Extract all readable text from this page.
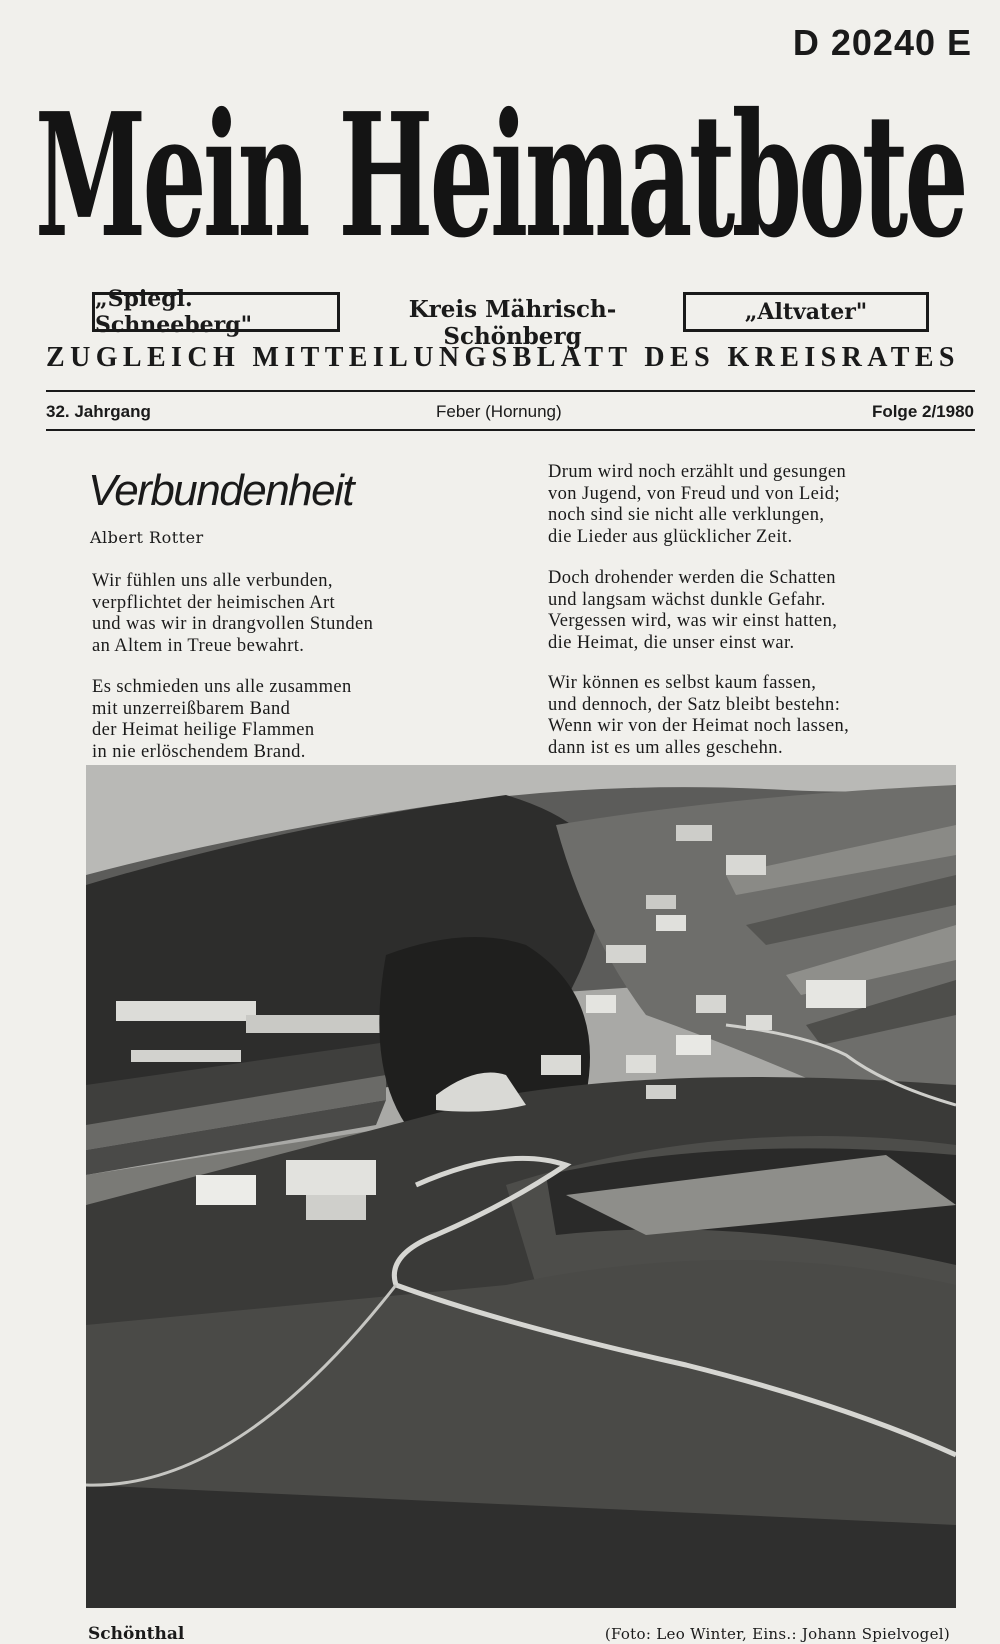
D 20240 E
Mein Heimatbote
„Spiegl. Schneeberg"
Kreis Mährisch-Schönberg
„Altvater"
ZUGLEICH MITTEILUNGSBLATT DES KREISRATES
32. Jahrgang	Feber (Hornung)	Folge 2/1980
Verbundenheit
Albert Rotter
Wir fühlen uns alle verbunden,
verpflichtet der heimischen Art
und was wir in drangvollen Stunden
an Altem in Treue bewahrt.
Es schmieden uns alle zusammen
mit unzerreißbarem Band
der Heimat heilige Flammen
in nie erlöschendem Brand.
Drum wird noch erzählt und gesungen
von Jugend, von Freud und von Leid;
noch sind sie nicht alle verklungen,
die Lieder aus glücklicher Zeit.
Doch drohender werden die Schatten
und langsam wächst dunkle Gefahr.
Vergessen wird, was wir einst hatten,
die Heimat, die unser einst war.
Wir können es selbst kaum fassen,
und dennoch, der Satz bleibt bestehn:
Wenn wir von der Heimat noch lassen,
dann ist es um alles geschehn.
Schönthal	(Foto: Leo Winter, Eins.: Johann Spielvogel)
